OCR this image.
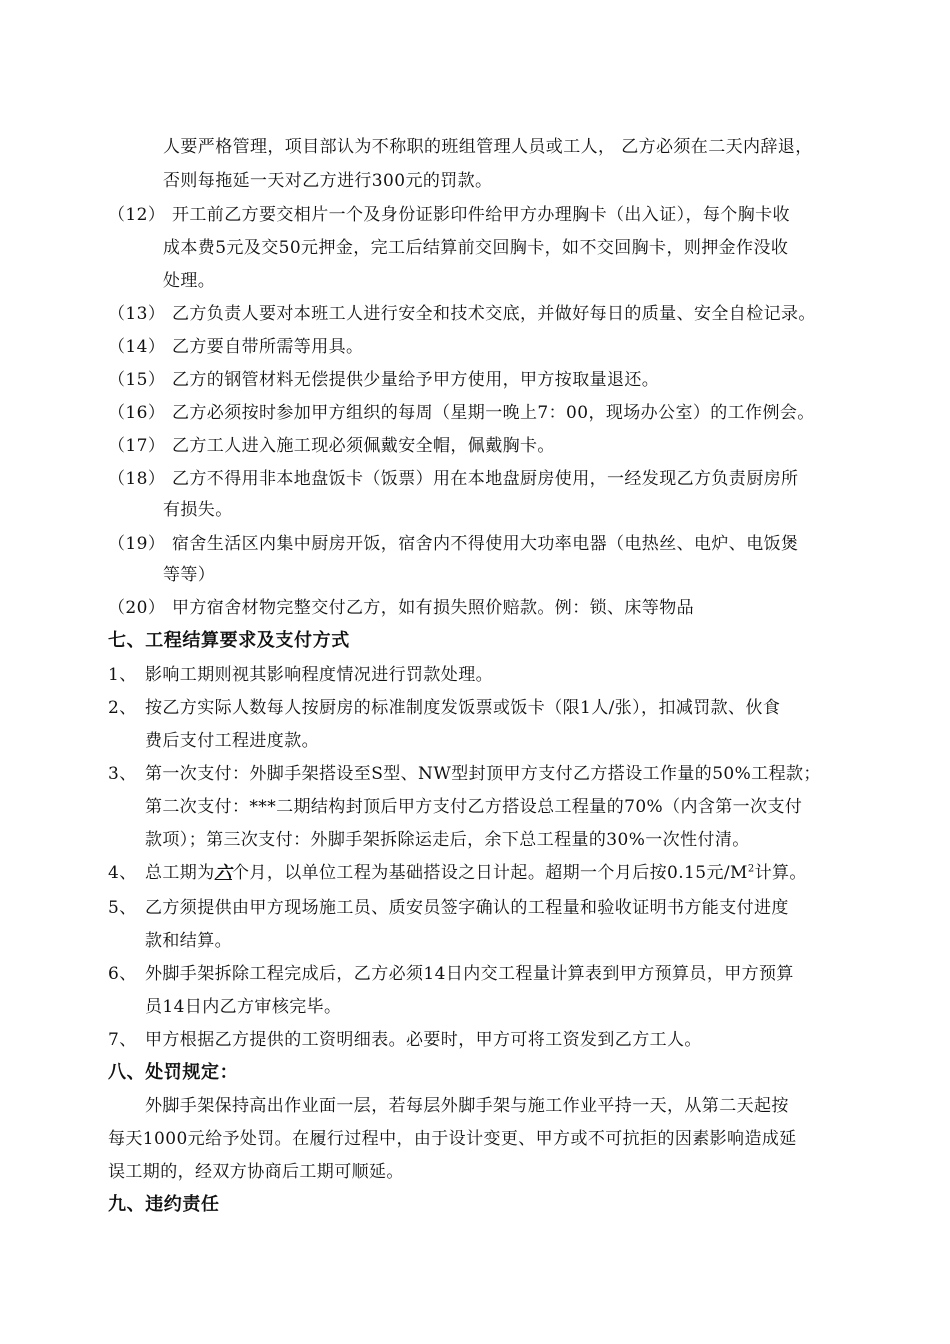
人要严格管理，项目部认为不称职的班组管理人员或工人， 乙方必须在二天内辞退，
否则每拖延一天对乙方进行300元的罚款。
（12） 开工前乙方要交相片一个及身份证影印件给甲方办理胸卡（出入证），每个胸卡收
成本费5元及交50元押金，完工后结算前交回胸卡，如不交回胸卡，则押金作没收
处理。
（13） 乙方负责人要对本班工人进行安全和技术交底，并做好每日的质量、安全自检记录。
（14） 乙方要自带所需等用具。
（15） 乙方的钢管材料无偿提供少量给予甲方使用，甲方按取量退还。
（16） 乙方必须按时参加甲方组织的每周（星期一晚上7：00，现场办公室）的工作例会。
（17） 乙方工人进入施工现必须佩戴安全帽，佩戴胸卡。
（18） 乙方不得用非本地盘饭卡（饭票）用在本地盘厨房使用，一经发现乙方负责厨房所
有损失。
（19） 宿舍生活区内集中厨房开饭，宿舍内不得使用大功率电器（电热丝、电炉、电饭煲
等等）
（20） 甲方宿舍材物完整交付乙方，如有损失照价赔款。例：锁、床等物品
七、工程结算要求及支付方式
1、 影响工期则视其影响程度情况进行罚款处理。
2、 按乙方实际人数每人按厨房的标准制度发饭票或饭卡（限1人/张），扣减罚款、伙食
费后支付工程进度款。
3、 第一次支付：外脚手架搭设至S型、NW型封顶甲方支付乙方搭设工作量的50%工程款；
第二次支付：***二期结构封顶后甲方支付乙方搭设总工程量的70%（内含第一次支付
款项）；第三次支付：外脚手架拆除运走后，余下总工程量的30%一次性付清。
4、 总工期为六个月，以单位工程为基础搭设之日计起。超期一个月后按0.15元$/M^2$计算。
5、 乙方须提供由甲方现场施工员、质安员签字确认的工程量和验收证明书方能支付进度
款和结算。
6、 外脚手架拆除工程完成后，乙方必须14日内交工程量计算表到甲方预算员，甲方预算
员14日内乙方审核完毕。
7、 甲方根据乙方提供的工资明细表。必要时，甲方可将工资发到乙方工人。
八、处罚规定：
外脚手架保持高出作业面一层，若每层外脚手架与施工作业平持一天，从第二天起按
每天1000元给予处罚。在履行过程中，由于设计变更、甲方或不可抗拒的因素影响造成延
误工期的，经双方协商后工期可顺延。
九、违约责任
